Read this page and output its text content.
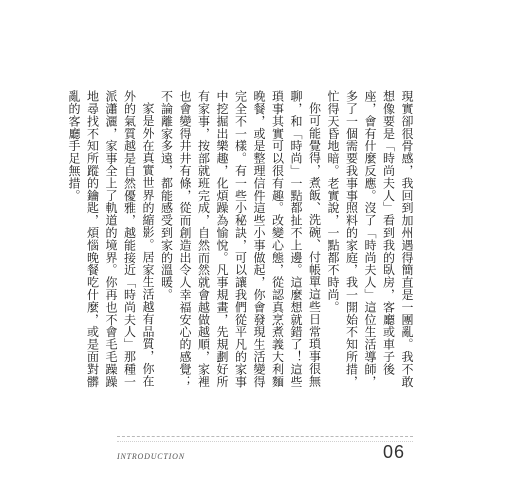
現實卻很骨感，我回到加州遇得簡直是一團亂。我不敢想像要是「時尚夫人」看到我的臥房，客廳或車子後座，會有什麼反應。沒了「時尚夫人」這位生活導師，多了一個需要我事事照料的家庭，我一開始不知所措，忙得天昏地暗。老實說，一點都不時尚。

你可能覺得，煮飯、洗碗、付帳單這些日常瑣事很無聊，和「時尚」一點都扯不上邊。這麼想就錯了！這些瑣事其實可以很有趣。改變心態，從認真烹煮義大利麵晚餐，或是整理信件這些小事做起，你會發現生活變得完全不一樣。有一些小秘訣，可以讓我們從平凡的家事中挖掘出樂趣，化煩躁為愉悅。凡事規畫，先規劃好所有家事，按部就班完成，自然而然就會越做越順，家裡也會變得井井有條，從而創造出令人幸福安心的感覺；不論離家多遠，都能感受到家的溫暖。

家是外在真實世界的縮影。居家生活越有品質，你在外的氣質越是自然優雅，越能接近「時尚夫人」那種一派瀟灑，家事全上了軌道的境界。你再也不會毛毛躁躁地尋找不知所蹤的鑰匙，煩惱晚餐吃什麼，或是面對髒亂的客廳手足無措。

INTRODUCTION	06
